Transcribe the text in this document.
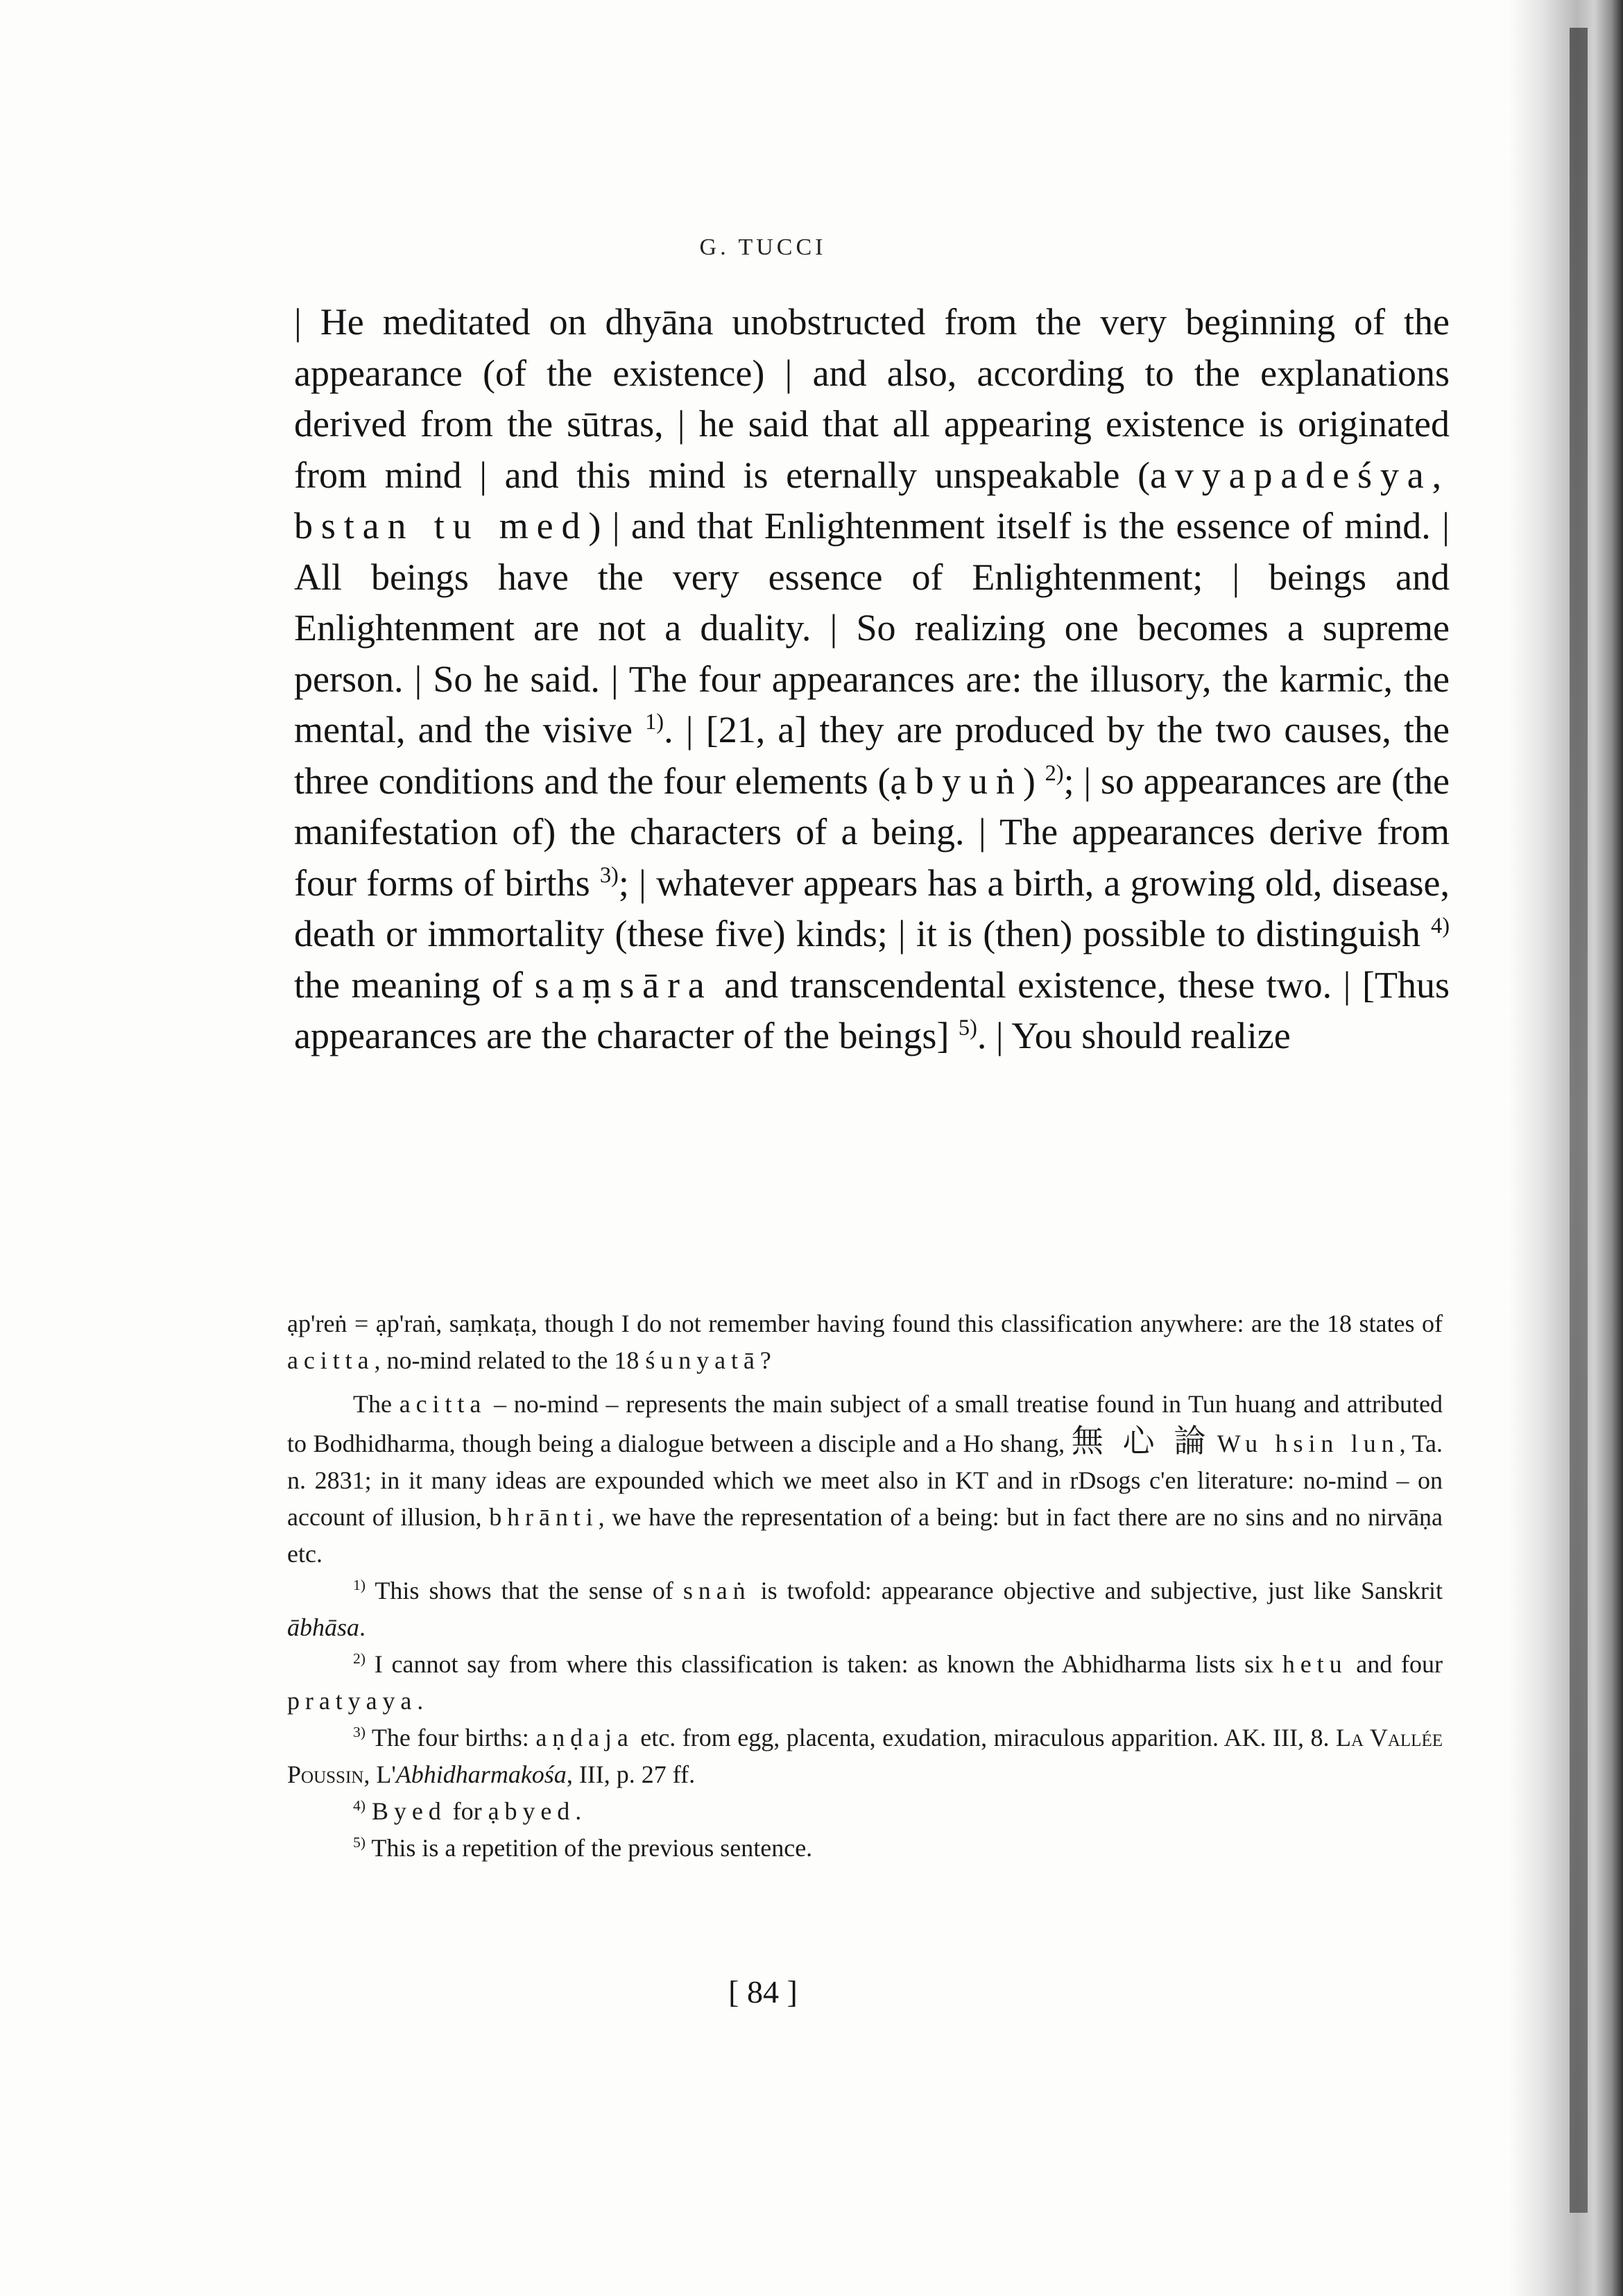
G. TUCCI

| He meditated on dhyāna unobstructed from the very beginning of the appearance (of the existence) | and also, according to the explanations derived from the sūtras, | he said that all appearing existence is originated from mind | and this mind is eternally unspeakable (avyapadeśya, bstan tu med) | and that Enlightenment itself is the essence of mind. | All beings have the very essence of Enlightenment; | beings and Enlightenment are not a duality. | So realizing one becomes a supreme person. | So he said. | The four appearances are: the illusory, the karmic, the mental, and the visive $^{1)}$. | [21, a] they are produced by the two causes, the three conditions and the four elements (ạbyuṅ) $^{2)}$; | so appearances are (the manifestation of) the characters of a being. | The appearances derive from four forms of births $^{3)}$; | whatever appears has a birth, a growing old, disease, death or immortality (these five) kinds; | it is (then) possible to distinguish $^{4)}$ the meaning of saṃsāra and transcendental existence, these two. | [Thus appearances are the character of the beings] $^{5)}$. | You should realize

ạp'reṅ = ạp'raṅ, saṃkaṭa, though I do not remember having found this classification anywhere: are the 18 states of acitta, no-mind related to the 18 śunyatā?

The acitta – no-mind – represents the main subject of a small treatise found in Tun huang and attributed to Bodhidharma, though being a dialogue between a disciple and a Ho shang, 無 心 論 Wu hsin lun, Ta. n. 2831; in it many ideas are expounded which we meet also in KT and in rDsogs c'en literature: no-mind – on account of illusion, bhrānti, we have the representation of a being: but in fact there are no sins and no nirvāṇa etc.

$^{1)}$ This shows that the sense of snaṅ is twofold: appearance objective and subjective, just like Sanskrit ābhāsa.

$^{2)}$ I cannot say from where this classification is taken: as known the Abhidharma lists six hetu and four pratyaya.

$^{3)}$ The four births: aṇḍaja etc. from egg, placenta, exudation, miraculous apparition. AK. III, 8. La Vallée Poussin, L'Abhidharmakośa, III, p. 27 ff.

$^{4)}$ Byed for ạbyed.

$^{5)}$ This is a repetition of the previous sentence.

[ 84 ]
